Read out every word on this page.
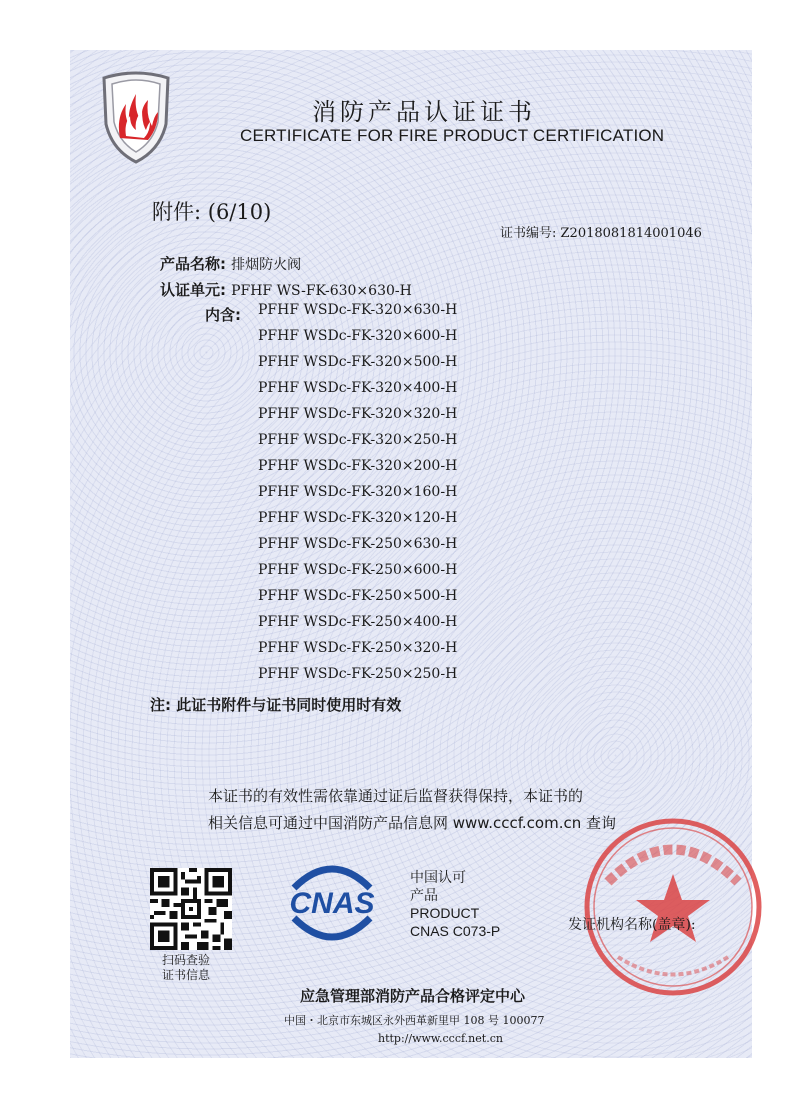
消防产品认证证书
CERTIFICATE FOR FIRE PRODUCT CERTIFICATION
附件: (6/10)
证书编号: Z2018081814001046
产品名称: 排烟防火阀
认证单元: PFHF WS-FK-630×630-H
内含: PFHF WSDc-FK-320×630-H
PFHF WSDc-FK-320×600-H
PFHF WSDc-FK-320×500-H
PFHF WSDc-FK-320×400-H
PFHF WSDc-FK-320×320-H
PFHF WSDc-FK-320×250-H
PFHF WSDc-FK-320×200-H
PFHF WSDc-FK-320×160-H
PFHF WSDc-FK-320×120-H
PFHF WSDc-FK-250×630-H
PFHF WSDc-FK-250×600-H
PFHF WSDc-FK-250×500-H
PFHF WSDc-FK-250×400-H
PFHF WSDc-FK-250×320-H
PFHF WSDc-FK-250×250-H
注: 此证书附件与证书同时使用时有效
本证书的有效性需依靠通过证后监督获得保持，本证书的
相关信息可通过中国消防产品信息网 www.cccf.com.cn 查询
扫码查验
证书信息
CNAS
中国认可
产品
PRODUCT
CNAS C073-P	发证机构名称(盖章):
应急管理部消防产品合格评定中心
中国・北京市东城区永外西革新里甲 108 号 100077
http://www.cccf.net.cn
